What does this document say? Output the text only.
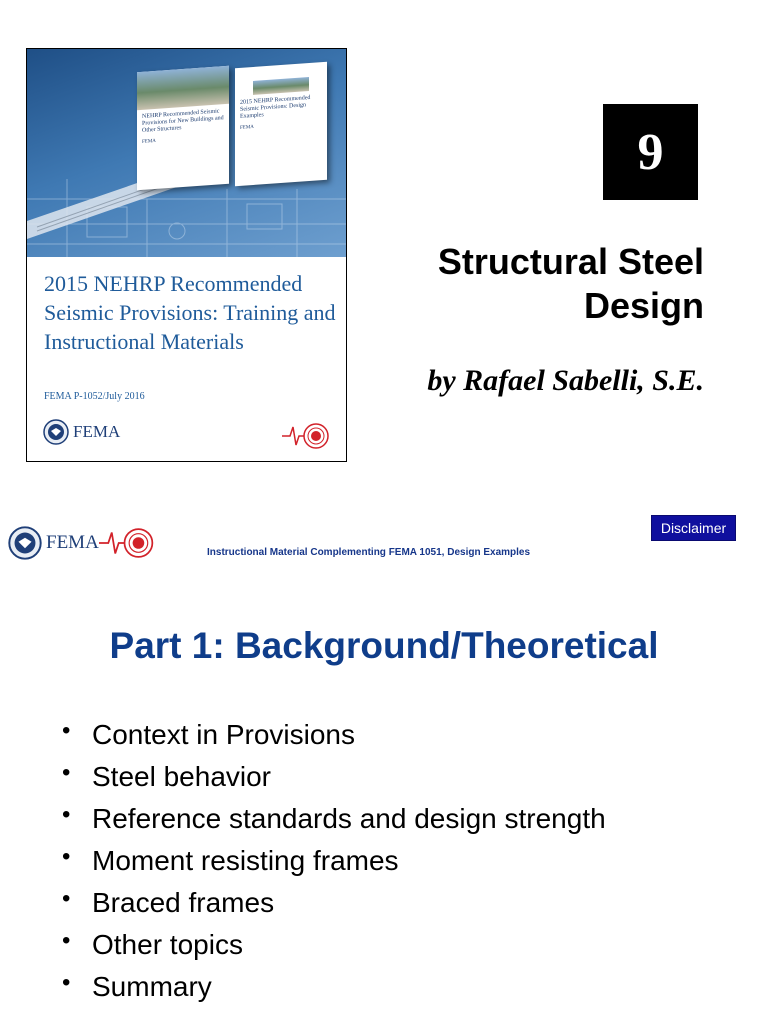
NEHRP Recommended Seismic Provisions for New Buildings and Other Structures
FEMA
2015 NEHRP Recommended Seismic Provisions: Design Examples
FEMA
2015 NEHRP Recommended Seismic Provisions: Training and Instructional Materials
FEMA P-1052/July 2016
FEMA
9
Structural Steel Design
by Rafael Sabelli, S.E.
FEMA	Instructional Material Complementing FEMA 1051, Design Examples
Disclaimer
Part 1: Background/Theoretical
• Context in Provisions
• Steel behavior
• Reference standards and design strength
• Moment resisting frames
• Braced frames
• Other topics
• Summary
